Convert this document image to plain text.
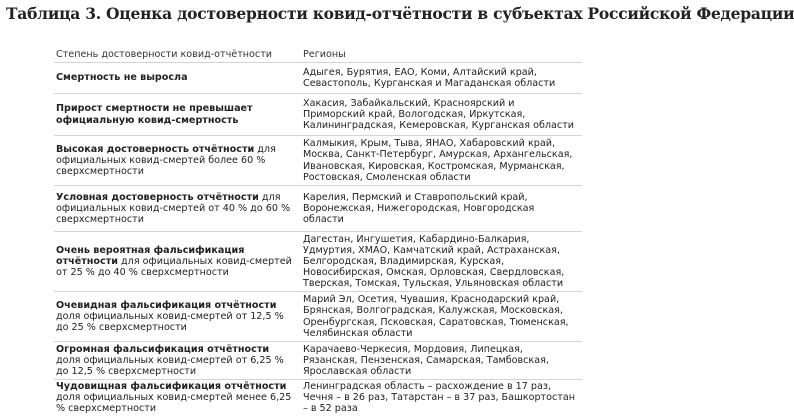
Таблица 3. Оценка достоверности ковид-отчётности в субъектах Российской Федерации
Степень достоверности ковид-отчётности	Регионы
Смертность не выросла	Адыгея, Бурятия, ЕАО, Коми, Алтайский край, Севастополь, Курганская и Магаданская области
Прирост смертности не превышает официальную ковид-смертность	Хакасия, Забайкальский, Красноярский и Приморский край, Вологодская, Иркутская, Калининградская, Кемеровская, Курганская области
Высокая достоверность отчётности для официальных ковид-смертей более 60 % сверхсмертности	Калмыкия, Крым, Тыва, ЯНАО, Хабаровский край, Москва, Санкт-Петербург, Амурская, Архангельская, Ивановская, Кировская, Костромская, Мурманская, Ростовская, Смоленская области
Условная достоверность отчётности для официальных ковид-смертей от 40 % до 60 % сверхсмертности	Карелия, Пермский и Ставропольский край, Воронежская, Нижегородская, Новгородская области
Очень вероятная фальсификация отчётности для официальных ковид-смертей от 25 % до 40 % сверхсмертности	Дагестан, Ингушетия, Кабардино-Балкария, Удмуртия, ХМАО, Камчатский край, Астраханская, Белгородская, Владимирская, Курская, Новосибирская, Омская, Орловская, Свердловская, Тверская, Томская, Тульская, Ульяновская области
Очевидная фальсификация отчётности доля официальных ковид-смертей от 12,5 % до 25 % сверхсмертности	Марий Эл, Осетия, Чувашия, Краснодарский край, Брянская, Волгоградская, Калужская, Московская, Оренбургская, Псковская, Саратовская, Тюменская, Челябинская области
Огромная фальсификация отчётности доля официальных ковид-смертей от 6,25 % до 12,5 % сверхсмертности	Карачаево-Черкесия, Мордовия, Липецкая, Рязанская, Пензенская, Самарская, Тамбовская, Ярославская области
Чудовищная фальсификация отчётности доля официальных ковид-смертей менее 6,25 % сверхсмертности	Ленинградская область – расхождение в 17 раз, Чечня – в 26 раз, Татарстан – в 37 раз, Башкортостан – в 52 раза
